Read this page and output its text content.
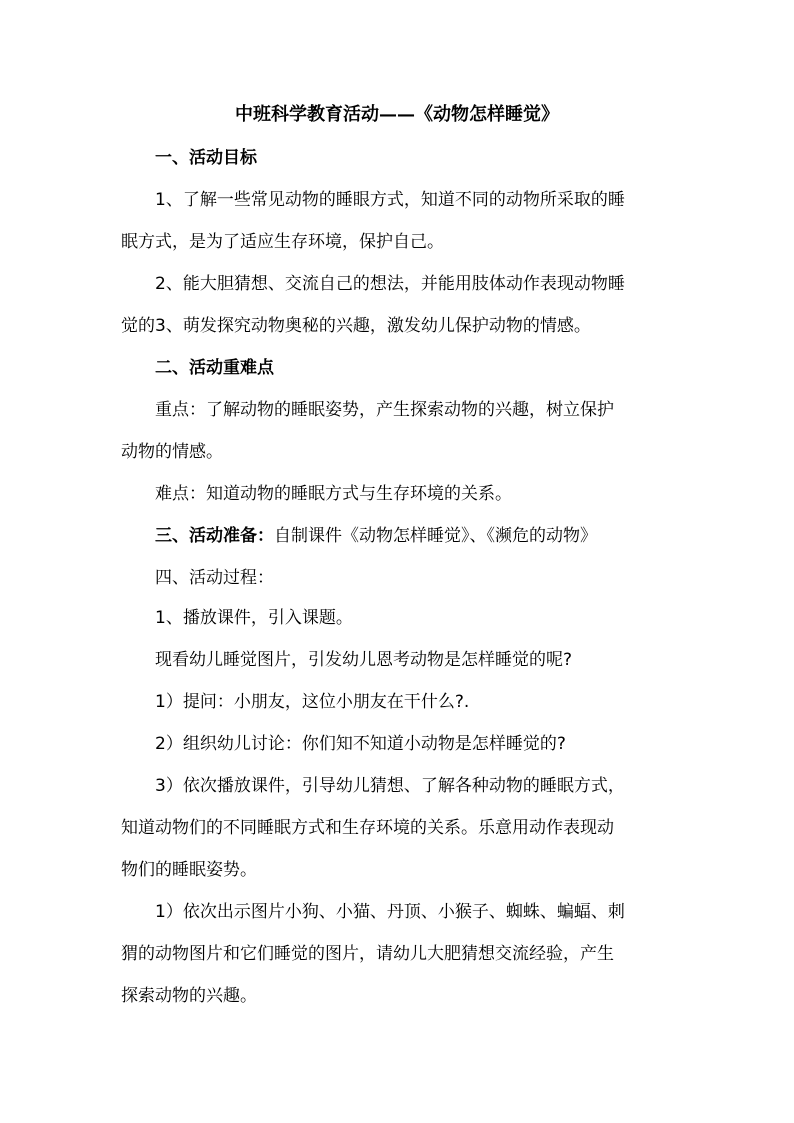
中班科学教育活动——《动物怎样睡觉》
一、活动目标
1、了解一些常见动物的睡眼方式，知道不同的动物所采取的睡
眠方式，是为了适应生存环境，保护自己。
2、能大胆猜想、交流自己的想法，并能用肢体动作表现动物睡
觉的3、萌发探究动物奥秘的兴趣，激发幼儿保护动物的情感。
二、活动重难点
重点：了解动物的睡眠姿势，产生探索动物的兴趣，树立保护
动物的情感。
难点：知道动物的睡眠方式与生存环境的关系。
三、活动准备：自制课件《动物怎样睡觉》、《濒危的动物》
四、活动过程：
1、播放课件，引入课题。
现看幼儿睡觉图片，引发幼儿恩考动物是怎样睡觉的呢?
1）提问：小朋友，这位小朋友在干什么?.
2）组织幼儿讨论：你们知不知道小动物是怎样睡觉的?
3）依次播放课件，引导幼儿猜想、了解各种动物的睡眠方式，
知道动物们的不同睡眠方式和生存环境的关系。乐意用动作表现动
物们的睡眠姿势。
1）依次出示图片小狗、小猫、丹顶、小猴子、蜘蛛、蝙蝠、刺
猬的动物图片和它们睡觉的图片，请幼儿大肥猜想交流经验，产生
探索动物的兴趣。
